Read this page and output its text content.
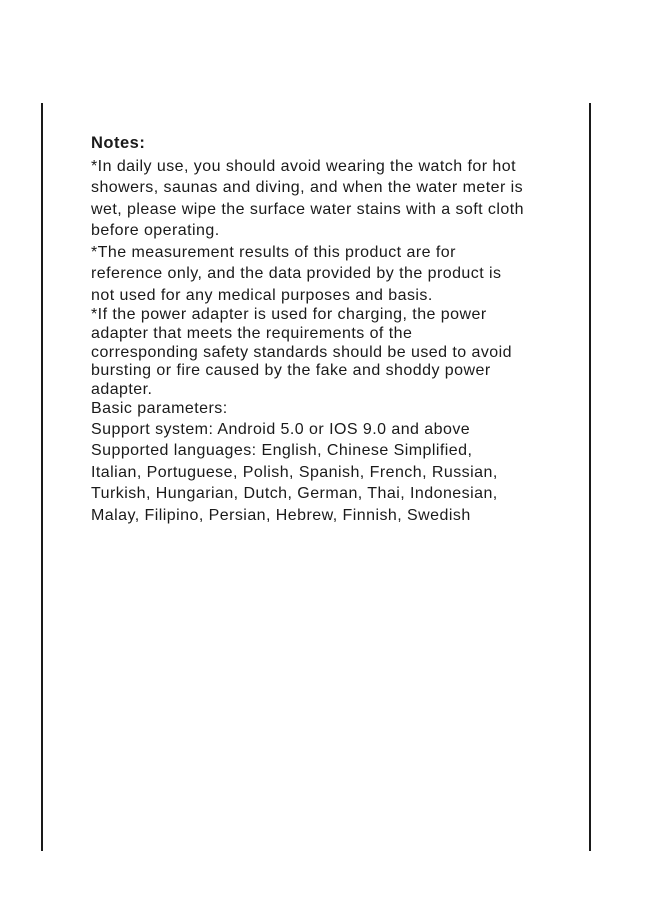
Notes:
*In daily use, you should avoid wearing the watch for hot
showers, saunas and diving, and when the water meter is
wet, please wipe the surface water stains with a soft cloth
before operating.
*The measurement results of this product are for
reference only, and the data provided by the product is
not used for any medical purposes and basis.
*If the power adapter is used for charging, the power
adapter that meets the requirements of the
corresponding safety standards should be used to avoid
bursting or fire caused by the fake and shoddy power
adapter.
Basic parameters:
Support system: Android 5.0 or IOS 9.0 and above
Supported languages: English, Chinese Simplified,
Italian, Portuguese, Polish, Spanish, French, Russian,
Turkish, Hungarian, Dutch, German, Thai, Indonesian,
Malay, Filipino, Persian, Hebrew, Finnish, Swedish
